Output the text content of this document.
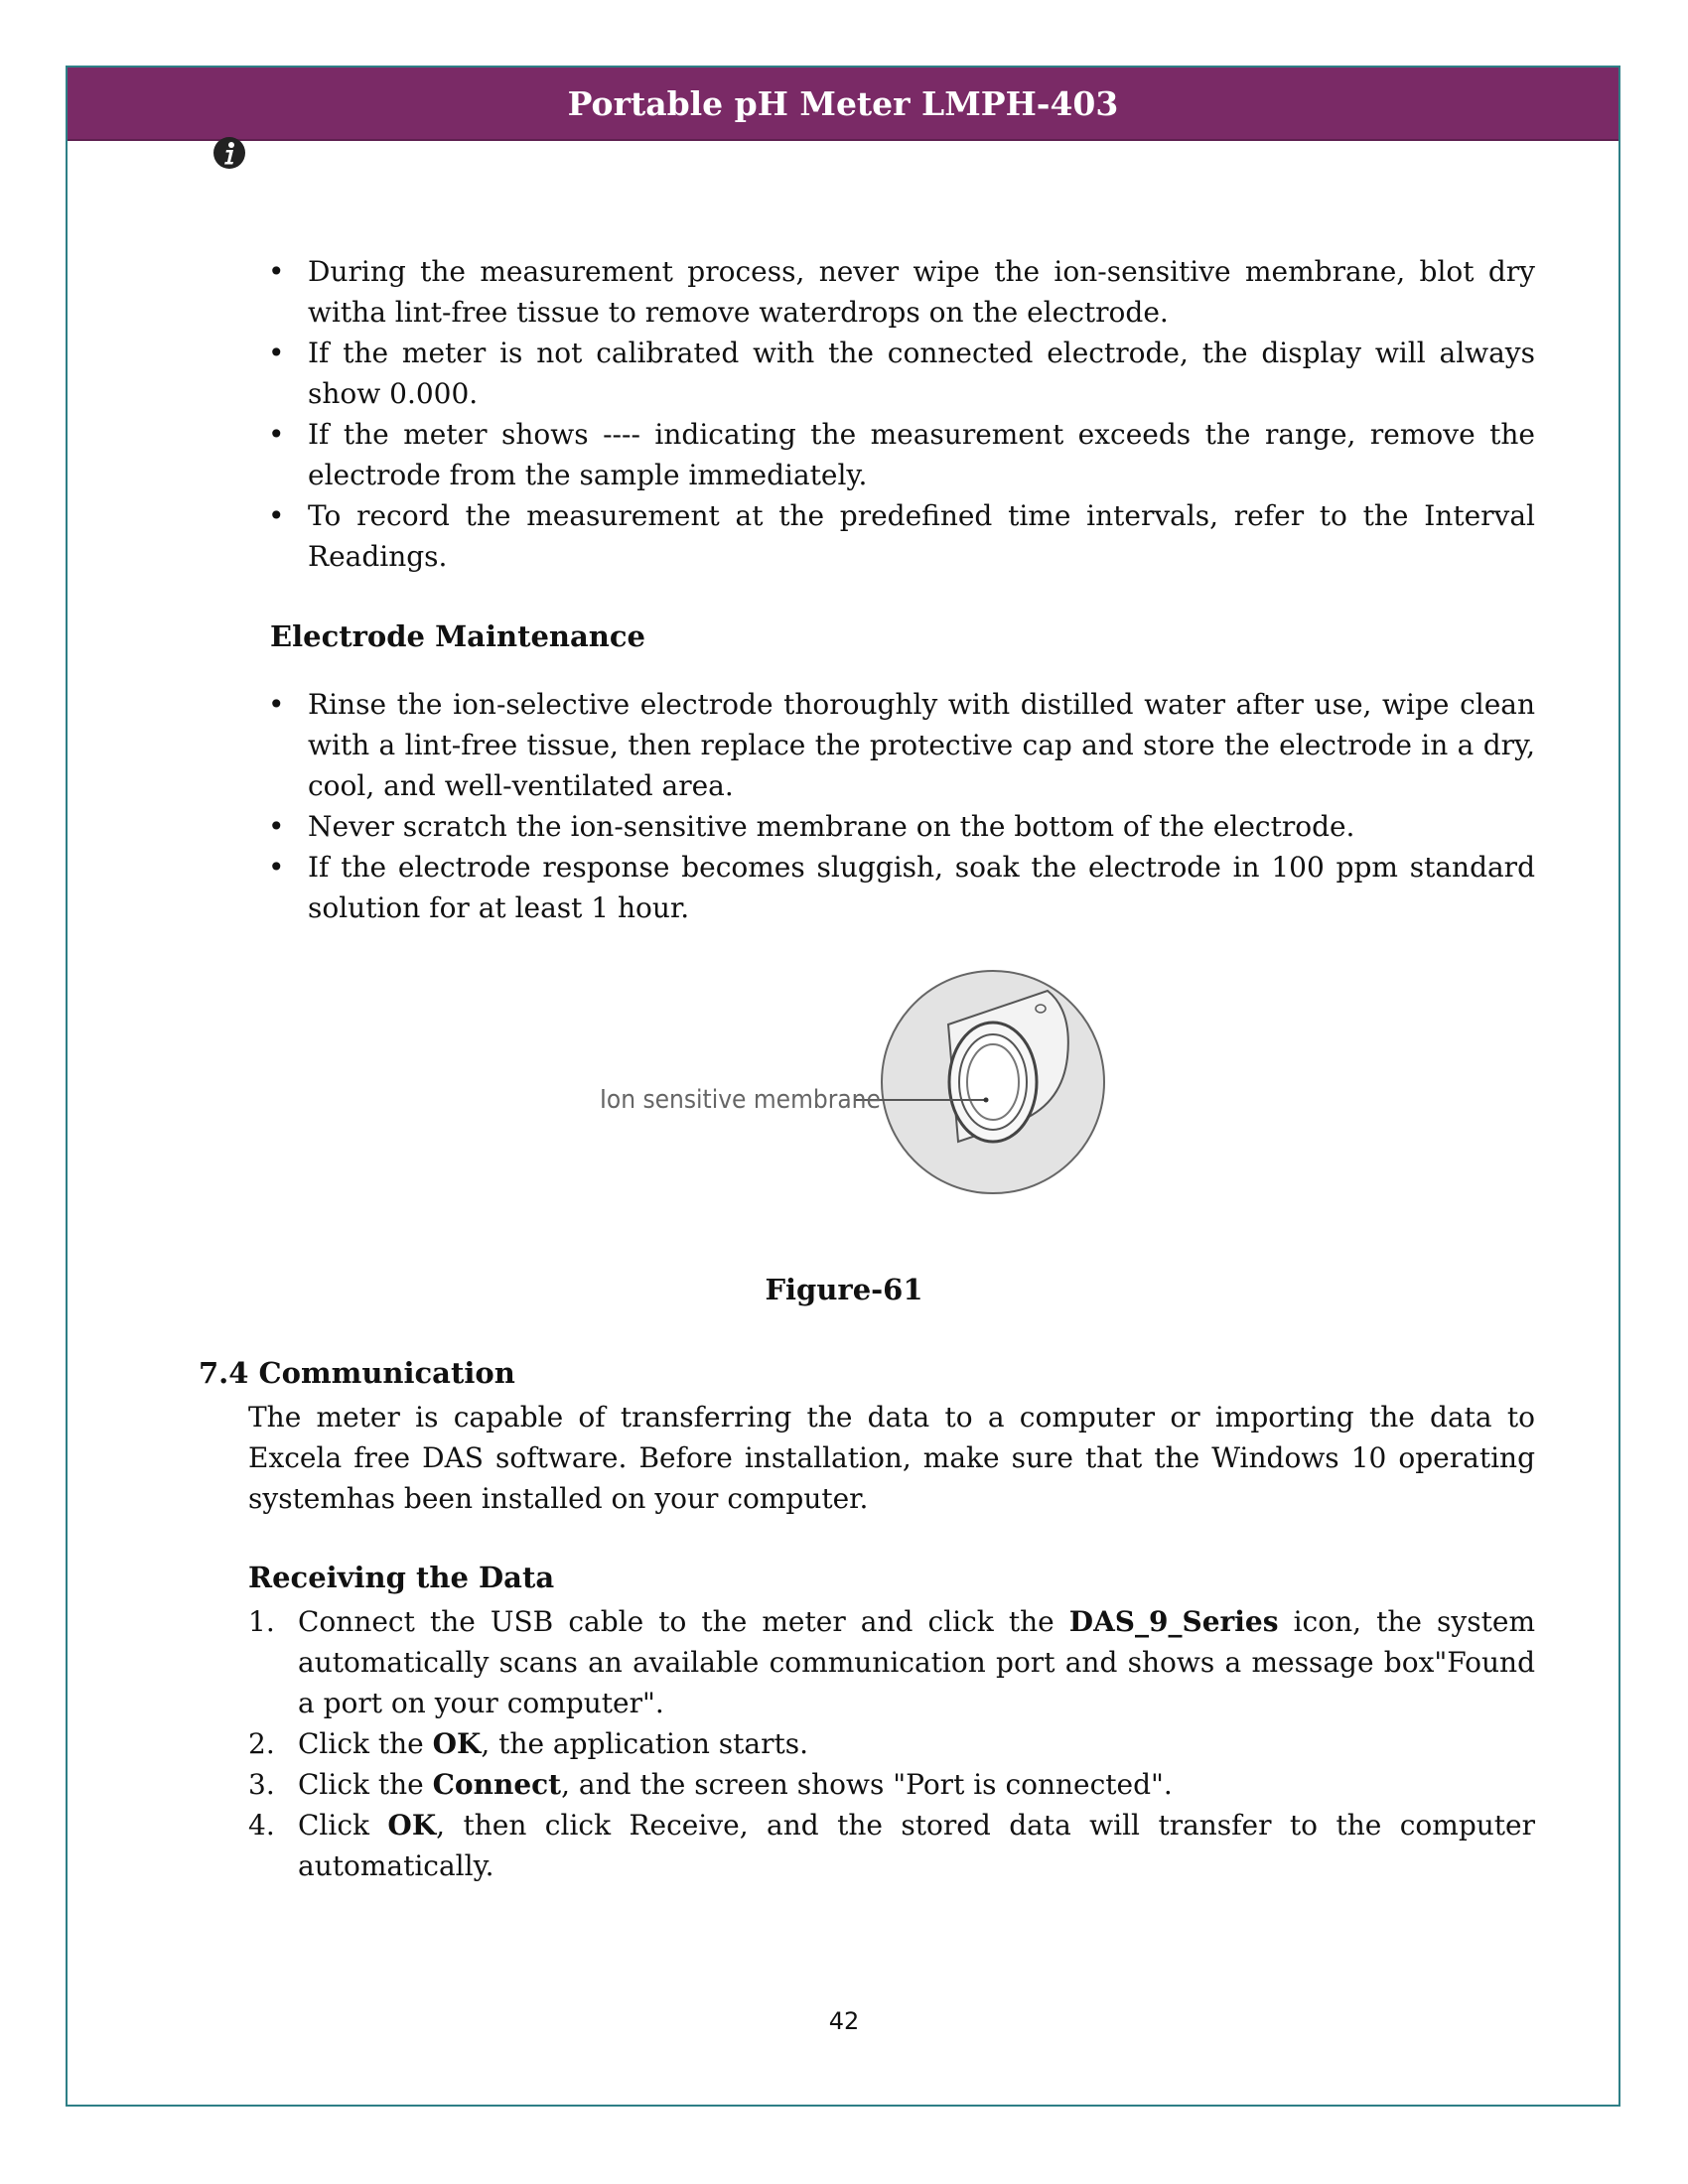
Portable pH Meter LMPH-403
• During the measurement process, never wipe the ion-sensitive membrane, blot dry witha lint-free tissue to remove waterdrops on the electrode.
• If the meter is not calibrated with the connected electrode, the display will always show 0.000.
• If the meter shows ---- indicating the measurement exceeds the range, remove the electrode from the sample immediately.
• To record the measurement at the predefined time intervals, refer to the Interval Readings.
Electrode Maintenance
• Rinse the ion-selective electrode thoroughly with distilled water after use, wipe clean with a lint-free tissue, then replace the protective cap and store the electrode in a dry, cool, and well-ventilated area.
• Never scratch the ion-sensitive membrane on the bottom of the electrode.
• If the electrode response becomes sluggish, soak the electrode in 100 ppm standard solution for at least 1 hour.
Ion sensitive membrane
Figure-61
7.4 Communication
The meter is capable of transferring the data to a computer or importing the data to Excela free DAS software. Before installation, make sure that the Windows 10 operating systemhas been installed on your computer.
Receiving the Data
1. Connect the USB cable to the meter and click the DAS_9_Series icon, the system automatically scans an available communication port and shows a message box"Found a port on your computer".
2. Click the OK, the application starts.
3. Click the Connect, and the screen shows "Port is connected".
4. Click OK, then click Receive, and the stored data will transfer to the computer automatically.
42
